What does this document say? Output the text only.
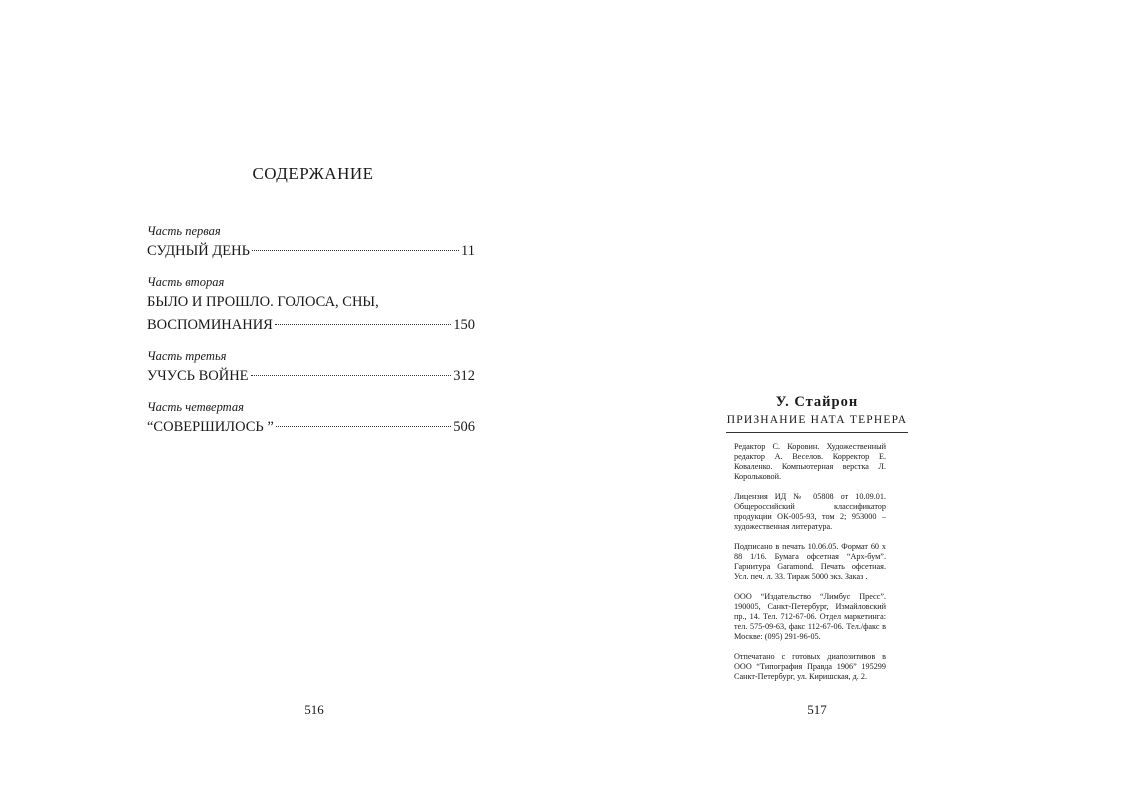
СОДЕРЖАНИЕ
Часть первая
СУДНЫЙ ДЕНЬ	11
Часть вторая
БЫЛО И ПРОШЛО. ГОЛОСА, СНЫ,
ВОСПОМИНАНИЯ	150
Часть третья
УЧУСЬ ВОЙНЕ	312
Часть четвертая
“СОВЕРШИЛОСЬ ”	506
516
У. Стайрон
ПРИЗНАНИЕ НАТА ТЕРНЕРА

Редактор С. Коровин. Художественный редактор А. Веселов. Корректор Е. Коваленко. Компьютерная верстка Л. Корольковой.

Лицензия ИД № 05808 от 10.09.01. Общероссийский классификатор продукции ОК-005-93, том 2; 953000 – художественная литература.

Подписано в печать 10.06.05. Формат 60 x 88 1/16. Бумага офсетная “Арх-бум”. Гарнитура Garamond. Печать офсетная. Усл. печ. л. 33. Тираж 5000 экз. Заказ .

ООО “Издательство “Лимбус Пресс”. 190005, Санкт-Петербург, Измайловский пр., 14. Тел. 712-67-06. Отдел маркетинга: тел. 575-09-63, факс 112-67-06. Тел./факс в Москве: (095) 291-96-05.

Отпечатано с готовых диапозитивов в ООО “Типография Правда 1906” 195299 Санкт-Петербург, ул. Киришская, д. 2.

517
